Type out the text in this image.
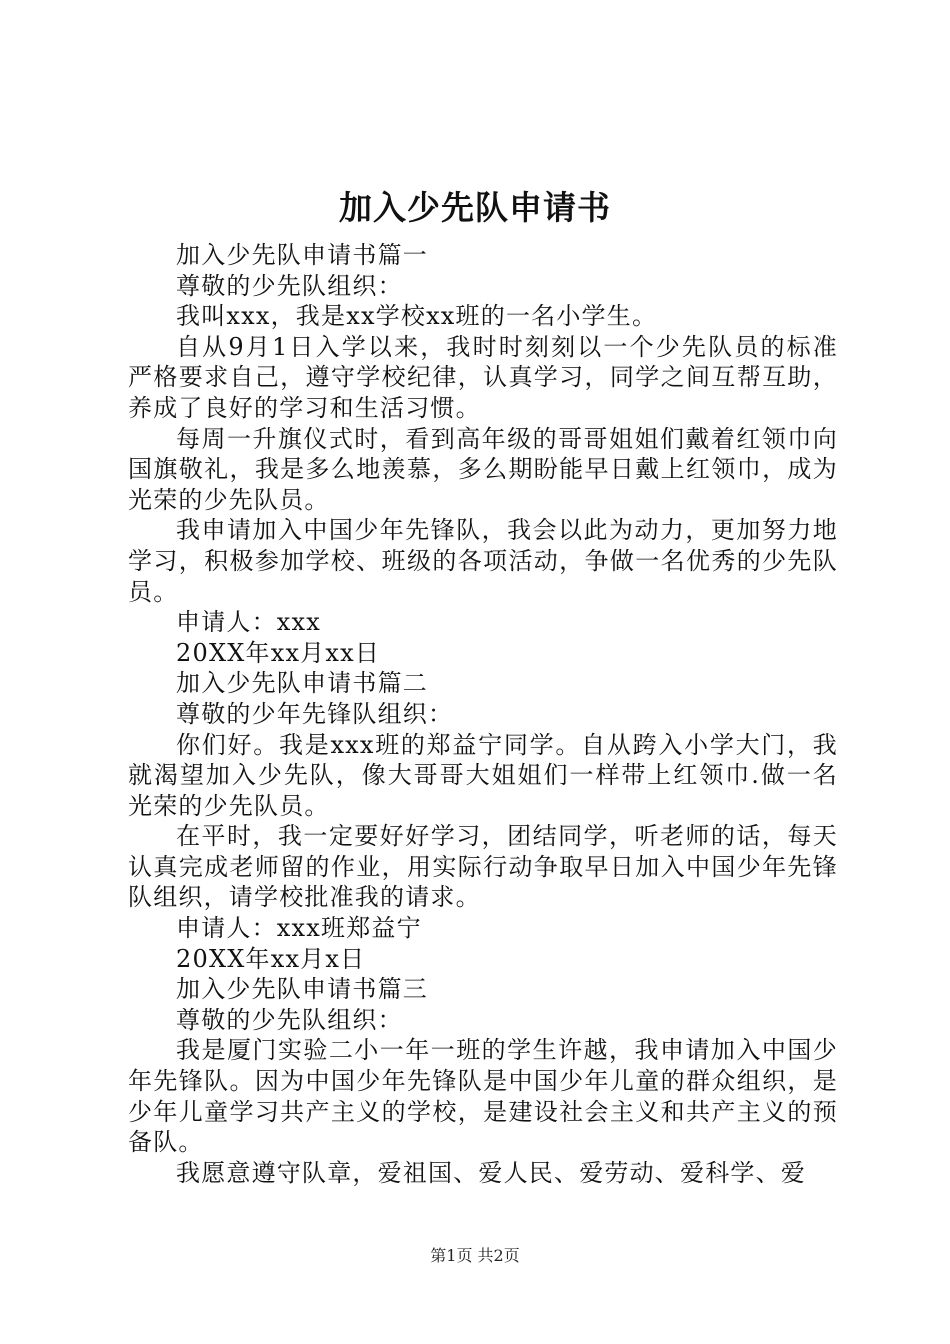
加入少先队申请书

加入少先队申请书篇一

尊敬的少先队组织：

我叫xxx，我是xx学校xx班的一名小学生。

自从9月1日入学以来，我时时刻刻以一个少先队员的标准严格要求自己，遵守学校纪律，认真学习，同学之间互帮互助，养成了良好的学习和生活习惯。

每周一升旗仪式时，看到高年级的哥哥姐姐们戴着红领巾向国旗敬礼，我是多么地羡慕，多么期盼能早日戴上红领巾，成为光荣的少先队员。

我申请加入中国少年先锋队，我会以此为动力，更加努力地学习，积极参加学校、班级的各项活动，争做一名优秀的少先队员。

申请人：xxx

20XX年xx月xx日

加入少先队申请书篇二

尊敬的少年先锋队组织：

你们好。我是xxx班的郑益宁同学。自从跨入小学大门，我就渴望加入少先队，像大哥哥大姐姐们一样带上红领巾.做一名光荣的少先队员。

在平时，我一定要好好学习，团结同学，听老师的话，每天认真完成老师留的作业，用实际行动争取早日加入中国少年先锋队组织，请学校批准我的请求。

申请人：xxx班郑益宁

20XX年xx月x日

加入少先队申请书篇三

尊敬的少先队组织：

我是厦门实验二小一年一班的学生许越，我申请加入中国少年先锋队。因为中国少年先锋队是中国少年儿童的群众组织，是少年儿童学习共产主义的学校，是建设社会主义和共产主义的预备队。

我愿意遵守队章，爱祖国、爱人民、爱劳动、爱科学、爱

第1页 共2页
